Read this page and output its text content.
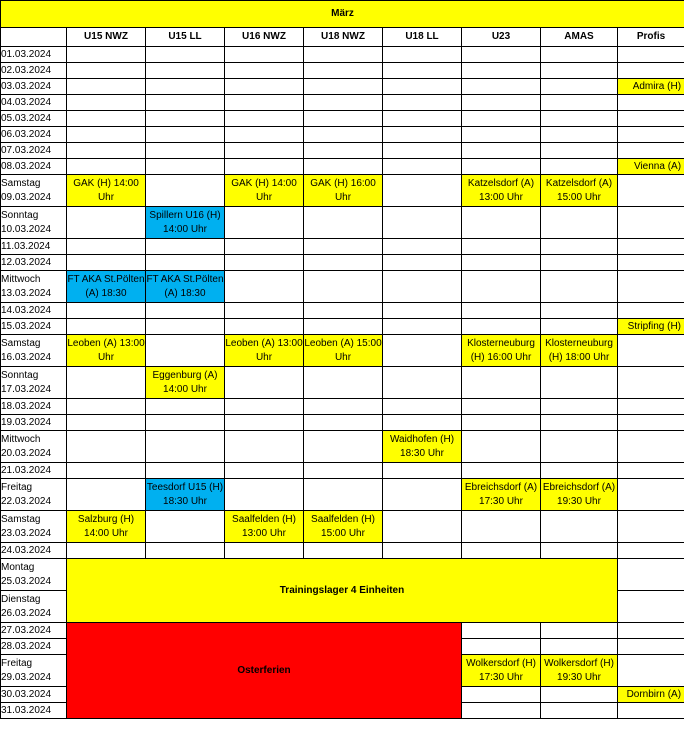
März								
	U15 NWZ	U15 LL	U16 NWZ	U18 NWZ	U18 LL	U23	AMAS	Profis
01.03.2024								
02.03.2024								
03.03.2024								Admira (H)
04.03.2024								
05.03.2024								
06.03.2024								
07.03.2024								
08.03.2024								Vienna (A)

Samstag
09.03.2024	GAK (H) 14:00 Uhr		GAK (H) 14:00 Uhr	GAK (H) 16:00 Uhr		Katzelsdorf (A) 13:00 Uhr	Katzelsdorf (A) 15:00 Uhr	

Sonntag
10.03.2024		Spillern U16 (H) 14:00 Uhr						
11.03.2024								
12.03.2024								

Mittwoch
13.03.2024	FT AKA St.Pölten (A) 18:30	FT AKA St.Pölten (A) 18:30						
14.03.2024								
15.03.2024								Stripfing (H)

Samstag
16.03.2024	Leoben (A) 13:00 Uhr		Leoben (A) 13:00 Uhr	Leoben (A) 15:00 Uhr		Klosterneuburg (H) 16:00 Uhr	Klosterneuburg (H) 18:00 Uhr	

Sonntag
17.03.2024		Eggenburg (A) 14:00 Uhr						
18.03.2024								
19.03.2024								

Mittwoch
20.03.2024					Waidhofen (H) 18:30 Uhr			
21.03.2024								

Freitag
22.03.2024		Teesdorf U15 (H) 18:30 Uhr				Ebreichsdorf (A) 17:30 Uhr	Ebreichsdorf (A) 19:30 Uhr	

Samstag
23.03.2024	Salzburg (H) 14:00 Uhr		Saalfelden (H) 13:00 Uhr	Saalfelden (H) 15:00 Uhr				
24.03.2024								

Montag
25.03.2024	Trainingslager 4 Einheiten							

Dienstag
26.03.2024								
27.03.2024	Osterferien							
28.03.2024								

Freitag
29.03.2024						Wolkersdorf (H) 17:30 Uhr	Wolkersdorf (H) 19:30 Uhr	
30.03.2024								Dornbirn (A)
31.03.2024								
